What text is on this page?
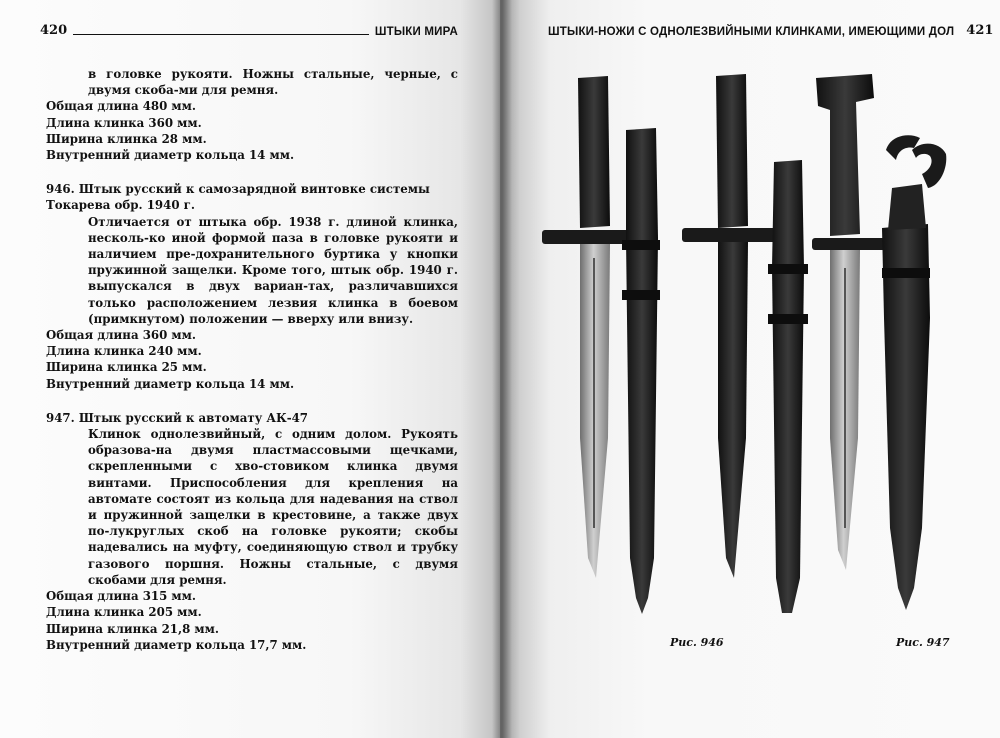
420	ШТЫКИ МИРА

в головке рукояти. Ножны стальные, черные, с двумя скоба-ми для ремня.

Общая длина 480 мм.

Длина клинка 360 мм.

Ширина клинка 28 мм.

Внутренний диаметр кольца 14 мм.

946. Штык русский к самозарядной винтовке системы Токарева обр. 1940 г.

Отличается от штыка обр. 1938 г. длиной клинка, несколь-ко иной формой паза в головке рукояти и наличием пре-дохранительного буртика у кнопки пружинной защелки. Кроме того, штык обр. 1940 г. выпускался в двух вариан-тах, различавшихся только расположением лезвия клинка в боевом (примкнутом) положении — вверху или внизу.

Общая длина 360 мм.

Длина клинка 240 мм.

Ширина клинка 25 мм.

Внутренний диаметр кольца 14 мм.

947. Штык русский к автомату АК-47

Клинок однолезвийный, с одним долом. Рукоять образова-на двумя пластмассовыми щечками, скрепленными с хво-стовиком клинка двумя винтами. Приспособления для крепления на автомате состоят из кольца для надевания на ствол и пружинной защелки в крестовине, а также двух по-лукруглых скоб на головке рукояти; скобы надевались на муфту, соединяющую ствол и трубку газового поршня. Ножны стальные, с двумя скобами для ремня.

Общая длина 315 мм.

Длина клинка 205 мм.

Ширина клинка 21,8 мм.

Внутренний диаметр кольца 17,7 мм.

ШТЫКИ-НОЖИ С ОДНОЛЕЗВИЙНЫМИ КЛИНКАМИ, ИМЕЮЩИМИ ДОЛ 421
Рис. 946	Рис. 947
